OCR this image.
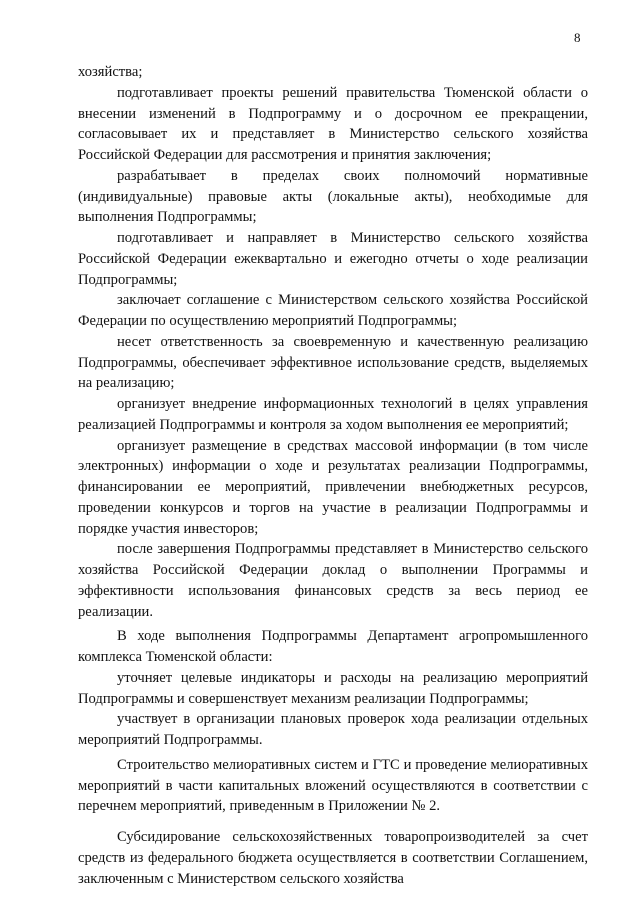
8

хозяйства;

подготавливает проекты решений правительства Тюменской области о внесении изменений в Подпрограмму и о досрочном ее прекращении, согласовывает их и представляет в Министерство сельского хозяйства Российской Федерации для рассмотрения и принятия заключения;

разрабатывает в пределах своих полномочий нормативные (индивидуальные) правовые акты (локальные акты), необходимые для выполнения Подпрограммы;

подготавливает и направляет в Министерство сельского хозяйства Российской Федерации ежеквартально и ежегодно отчеты о ходе реализации Подпрограммы;

заключает соглашение с Министерством сельского хозяйства Российской Федерации по осуществлению мероприятий Подпрограммы;

несет ответственность за своевременную и качественную реализацию Подпрограммы, обеспечивает эффективное использование средств, выделяемых на реализацию;

организует внедрение информационных технологий в целях управления реализацией Подпрограммы и контроля за ходом выполнения ее мероприятий;

организует размещение в средствах массовой информации (в том числе электронных) информации о ходе и результатах реализации Подпрограммы, финансировании ее мероприятий, привлечении внебюджетных ресурсов, проведении конкурсов и торгов на участие в реализации Подпрограммы и порядке участия инвесторов;

после завершения Подпрограммы представляет в Министерство сельского хозяйства Российской Федерации доклад о выполнении Программы и эффективности использования финансовых средств за весь период ее реализации.

В ходе выполнения Подпрограммы Департамент агропромышленного комплекса Тюменской области:

уточняет целевые индикаторы и расходы на реализацию мероприятий Подпрограммы и совершенствует механизм реализации Подпрограммы;

участвует в организации плановых проверок хода реализации отдельных мероприятий Подпрограммы.

Строительство мелиоративных систем и ГТС и проведение мелиоративных мероприятий в части капитальных вложений осуществляются в соответствии с перечнем мероприятий, приведенным в Приложении № 2.

Субсидирование сельскохозяйственных товаропроизводителей за счет средств из федерального бюджета осуществляется в соответствии Соглашением, заключенным с Министерством сельского хозяйства
